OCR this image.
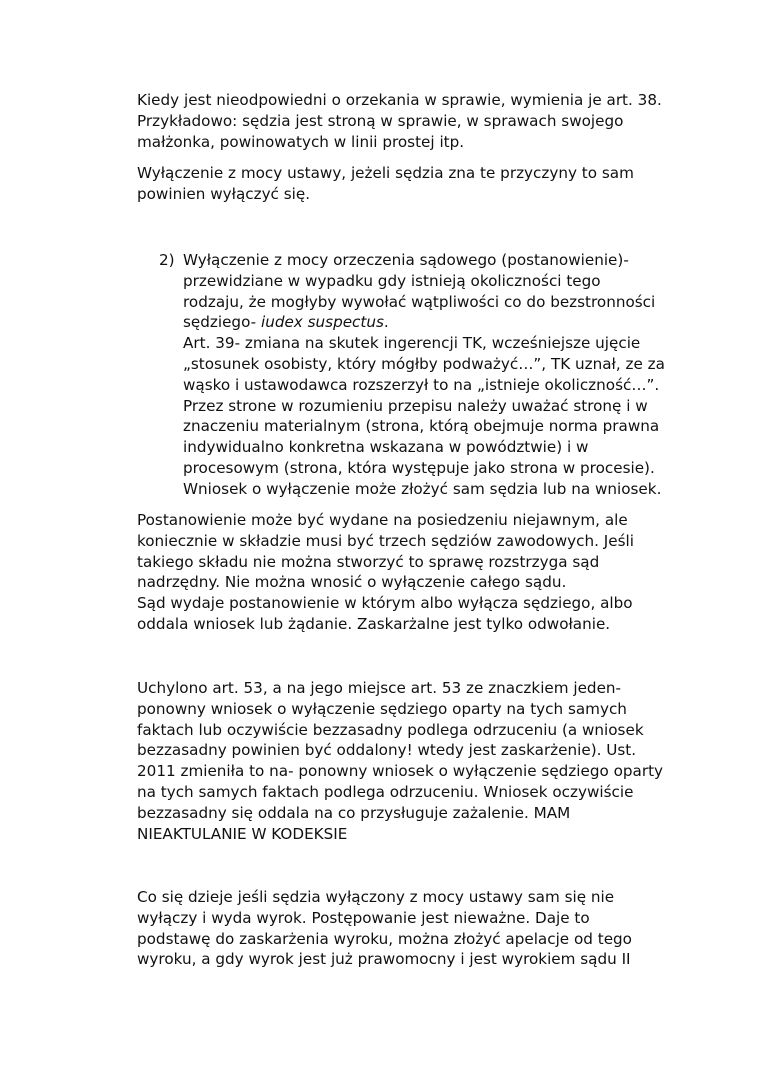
Kiedy jest nieodpowiedni o orzekania w sprawie, wymienia je art. 38.
Przykładowo: sędzia jest stroną w sprawie, w sprawach swojego
małżonka, powinowatych w linii prostej itp.
Wyłączenie z mocy ustawy, jeżeli sędzia zna te przyczyny to sam
powinien wyłączyć się.
2) Wyłączenie z mocy orzeczenia sądowego (postanowienie)-
przewidziane w wypadku gdy istnieją okoliczności tego
rodzaju, że mogłyby wywołać wątpliwości co do bezstronności
sędziego- iudex suspectus.
Art. 39- zmiana na skutek ingerencji TK, wcześniejsze ujęcie
„stosunek osobisty, który mógłby podważyć…”, TK uznał, ze za
wąsko i ustawodawca rozszerzył to na „istnieje okoliczność…”.
Przez strone w rozumieniu przepisu należy uważać stronę i w
znaczeniu materialnym (strona, którą obejmuje norma prawna
indywidualno konkretna wskazana w powództwie) i w
procesowym (strona, która występuje jako strona w procesie).
Wniosek o wyłączenie może złożyć sam sędzia lub na wniosek.
Postanowienie może być wydane na posiedzeniu niejawnym, ale
koniecznie w składzie musi być trzech sędziów zawodowych. Jeśli
takiego składu nie można stworzyć to sprawę rozstrzyga sąd
nadrzędny. Nie można wnosić o wyłączenie całego sądu.
Sąd wydaje postanowienie w którym albo wyłącza sędziego, albo
oddala wniosek lub żądanie. Zaskarżalne jest tylko odwołanie.
Uchylono art. 53, a na jego miejsce art. 53 ze znaczkiem jeden-
ponowny wniosek o wyłączenie sędziego oparty na tych samych
faktach lub oczywiście bezzasadny podlega odrzuceniu (a wniosek
bezzasadny powinien być oddalony! wtedy jest zaskarżenie). Ust.
2011 zmieniła to na- ponowny wniosek o wyłączenie sędziego oparty
na tych samych faktach podlega odrzuceniu. Wniosek oczywiście
bezzasadny się oddala na co przysługuje zażalenie. MAM
NIEAKTULANIE W KODEKSIE
Co się dzieje jeśli sędzia wyłączony z mocy ustawy sam się nie
wyłączy i wyda wyrok. Postępowanie jest nieważne. Daje to
podstawę do zaskarżenia wyroku, można złożyć apelacje od tego
wyroku, a gdy wyrok jest już prawomocny i jest wyrokiem sądu II
